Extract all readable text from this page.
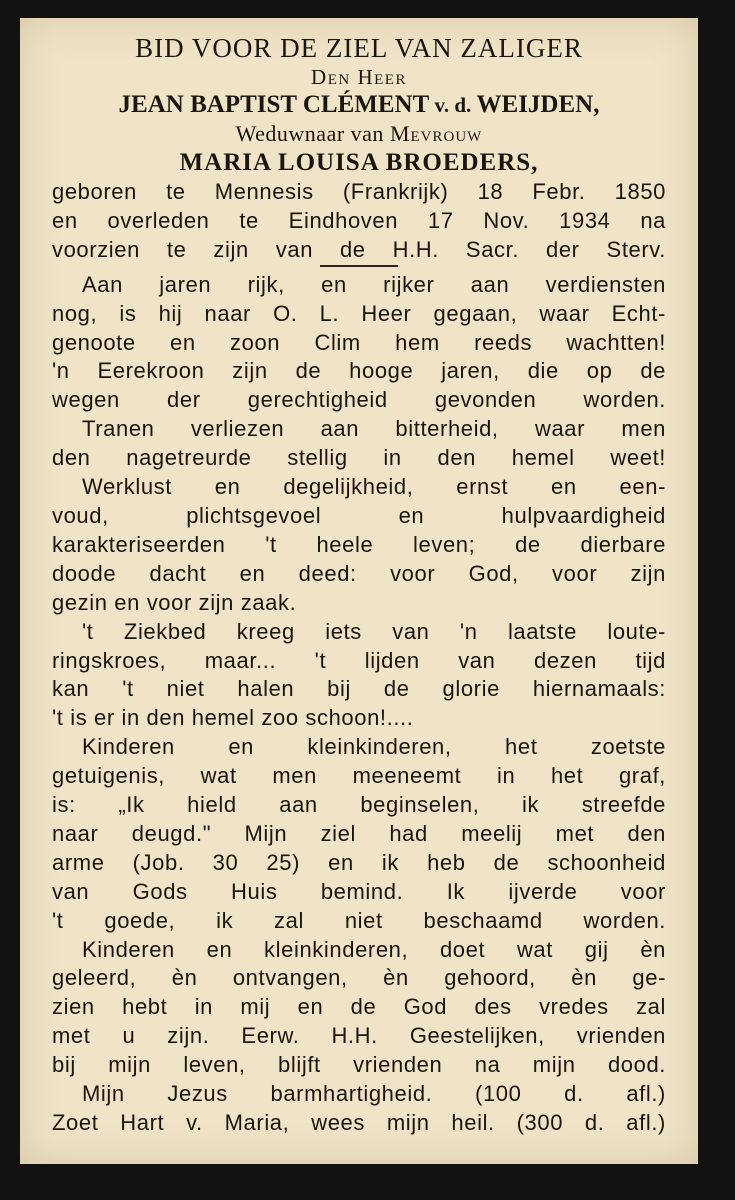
BID VOOR DE ZIEL VAN ZALIGER
Den Heer
JEAN BAPTIST CLÉMENT v. d. WEIJDEN,
Weduwnaar van Mevrouw
MARIA LOUISA BROEDERS,
geboren te Mennesis (Frankrijk) 18 Febr. 1850
en overleden te Eindhoven 17 Nov. 1934 na
voorzien te zijn van de H.H. Sacr. der Sterv.
Aan jaren rijk, en rijker aan verdiensten
nog, is hij naar O. L. Heer gegaan, waar Echt-
genoote en zoon Clim hem reeds wachtten!
'n Eerekroon zijn de hooge jaren, die op de
wegen der gerechtigheid gevonden worden.
Tranen verliezen aan bitterheid, waar men
den nagetreurde stellig in den hemel weet!
Werklust en degelijkheid, ernst en een-
voud, plichtsgevoel en hulpvaardigheid
karakteriseerden 't heele leven; de dierbare
doode dacht en deed: voor God, voor zijn
gezin en voor zijn zaak.
't Ziekbed kreeg iets van 'n laatste loute-
ringskroes, maar... 't lijden van dezen tijd
kan 't niet halen bij de glorie hiernamaals:
't is er in den hemel zoo schoon!....
Kinderen en kleinkinderen, het zoetste
getuigenis, wat men meeneemt in het graf,
is: „Ik hield aan beginselen, ik streefde
naar deugd." Mijn ziel had meelij met den
arme (Job. 30 25) en ik heb de schoonheid
van Gods Huis bemind. Ik ijverde voor
't goede, ik zal niet beschaamd worden.
Kinderen en kleinkinderen, doet wat gij èn
geleerd, èn ontvangen, èn gehoord, èn ge-
zien hebt in mij en de God des vredes zal
met u zijn. Eerw. H.H. Geestelijken, vrienden
bij mijn leven, blijft vrienden na mijn dood.
Mijn Jezus barmhartigheid. (100 d. afl.)
Zoet Hart v. Maria, wees mijn heil. (300 d. afl.)
